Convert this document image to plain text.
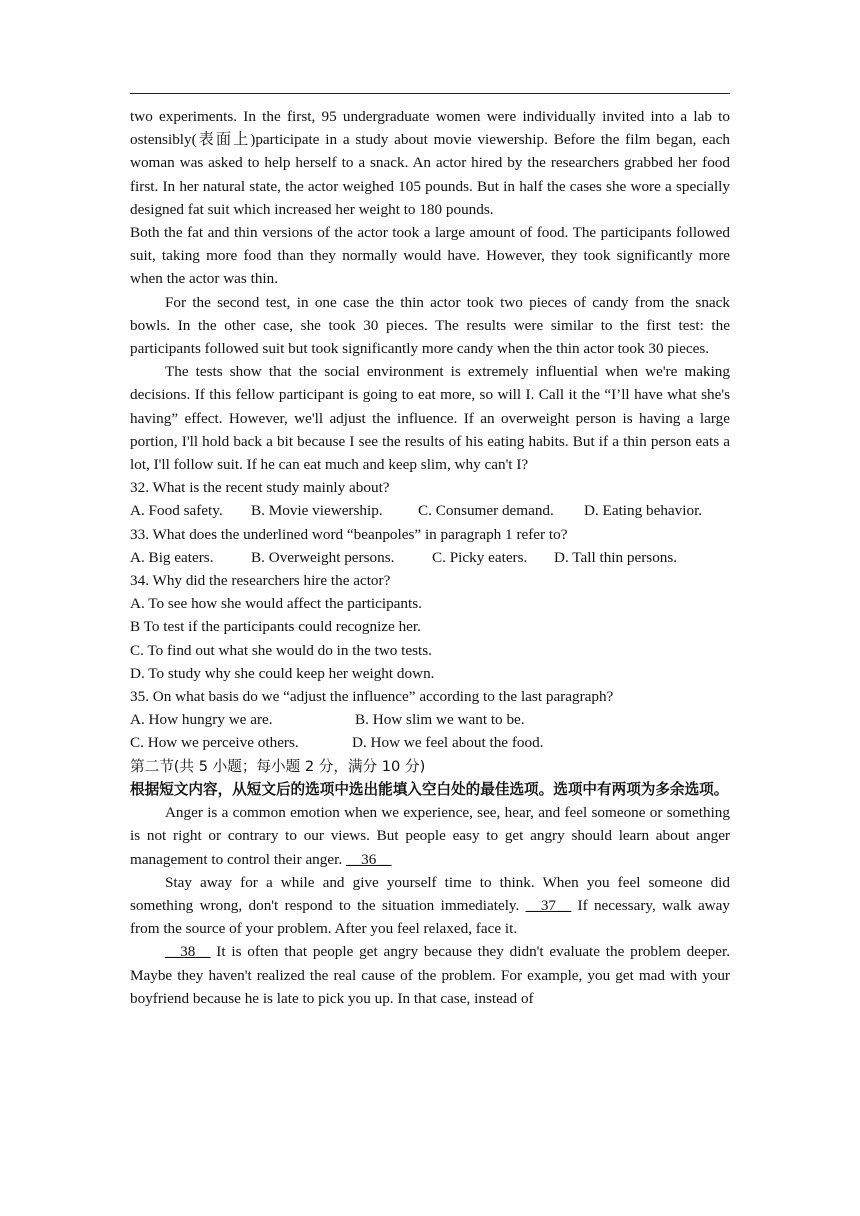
two experiments. In the first, 95 undergraduate women were individually invited into a lab to ostensibly(表面上)participate in a study about movie viewership. Before the film began, each woman was asked to help herself to a snack. An actor hired by the researchers grabbed her food first. In her natural state, the actor weighed 105 pounds. But in half the cases she wore a specially designed fat suit which increased her weight to 180 pounds.

Both the fat and thin versions of the actor took a large amount of food. The participants followed suit, taking more food than they normally would have. However, they took significantly more when the actor was thin.

For the second test, in one case the thin actor took two pieces of candy from the snack bowls. In the other case, she took 30 pieces. The results were similar to the first test: the participants followed suit but took significantly more candy when the thin actor took 30 pieces.

The tests show that the social environment is extremely influential when we're making decisions. If this fellow participant is going to eat more, so will I. Call it the “I’ll have what she's having” effect. However, we'll adjust the influence. If an overweight person is having a large portion, I'll hold back a bit because I see the results of his eating habits. But if a thin person eats a lot, I'll follow suit. If he can eat much and keep slim, why can't I?

32. What is the recent study mainly about?

A. Food safety.	B. Movie viewership.	C. Consumer demand.	D. Eating behavior.

33. What does the underlined word “beanpoles” in paragraph 1 refer to?

A. Big eaters.	B. Overweight persons.	C. Picky eaters.	D. Tall thin persons.

34. Why did the researchers hire the actor?

A. To see how she would affect the participants.

B To test if the participants could recognize her.

C. To find out what she would do in the two tests.

D. To study why she could keep her weight down.

35. On what basis do we “adjust the influence” according to the last paragraph?

A. How hungry we are.	B. How slim we want to be.

C. How we perceive others.	D. How we feel about the food.

第二节(共 5 小题；每小题 2 分，满分 10 分)

根据短文内容，从短文后的选项中选出能填入空白处的最佳选项。选项中有两项为多余选项。

Anger is a common emotion when we experience, see, hear, and feel someone or something is not right or contrary to our views. But people easy to get angry should learn about anger management to control their anger. __36__

Stay away for a while and give yourself time to think. When you feel someone did something wrong, don't respond to the situation immediately. __37__ If necessary, walk away from the source of your problem. After you feel relaxed, face it.

__38__ It is often that people get angry because they didn't evaluate the problem deeper. Maybe they haven't realized the real cause of the problem. For example, you get mad with your boyfriend because he is late to pick you up. In that case, instead of
